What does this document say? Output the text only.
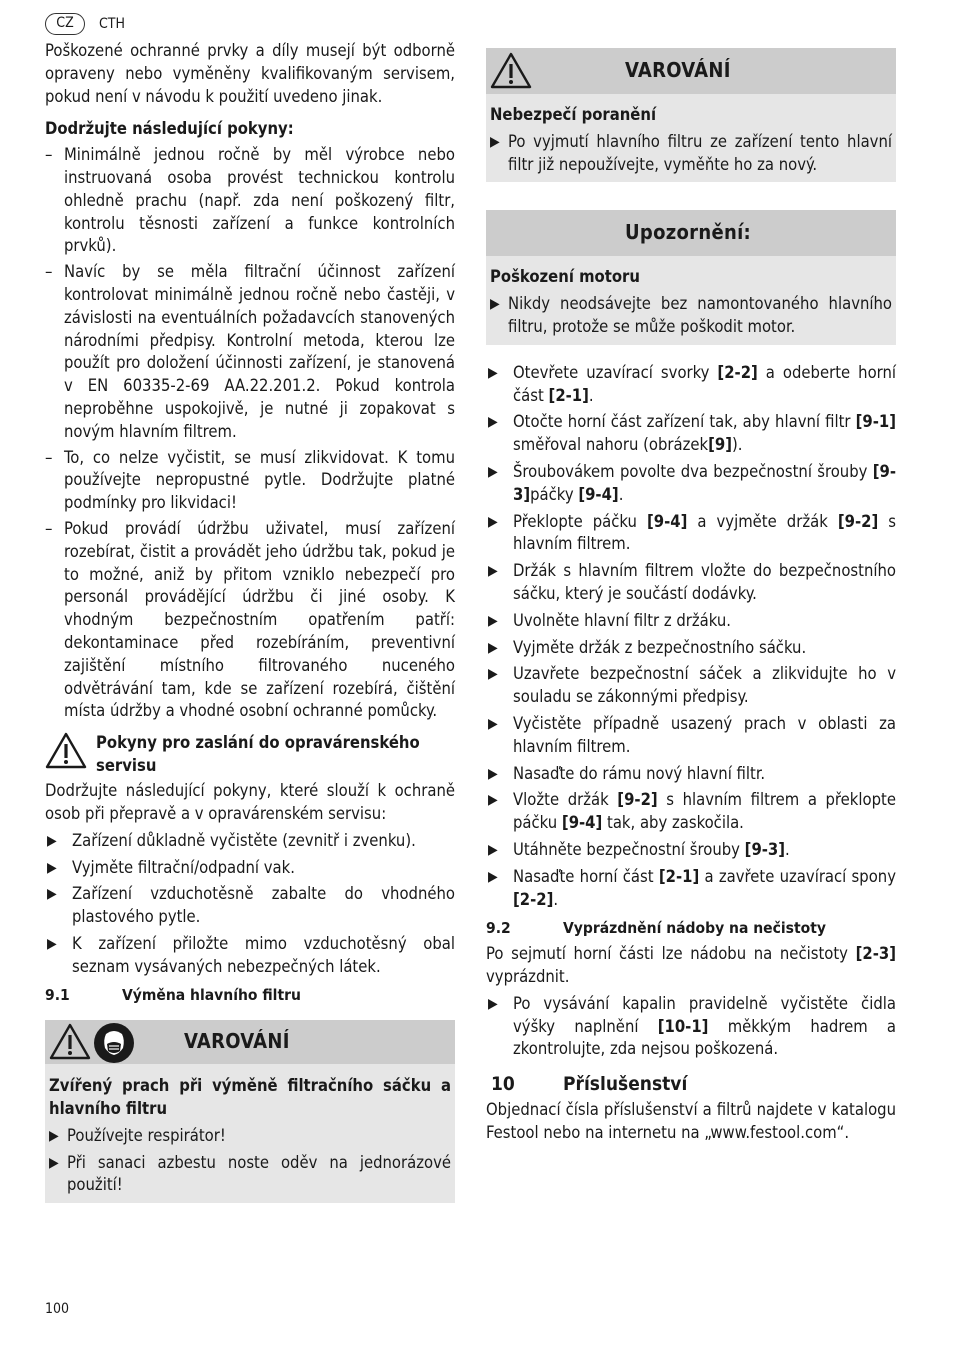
CZ	CTH

Poškozené ochranné prvky a díly musejí být odborně opraveny nebo vyměněny kvalifikovaným servisem, pokud není v návodu k použití uvedeno jinak.

Dodržujte následující pokyny:

– Minimálně jednou ročně by měl výrobce nebo instruovaná osoba provést technickou kontrolu ohledně prachu (např. zda není poškozený filtr, kontrolu těsnosti zařízení a funkce kontrolních prvků).
– Navíc by se měla filtrační účinnost zařízení kontrolovat minimálně jednou ročně nebo častěji, v závislosti na eventuálních požadavcích stanovených národními předpisy. Kontrolní metoda, kterou lze použít pro doložení účinnosti zařízení, je stanovená v EN 60335-2-69 AA.22.201.2. Pokud kontrola neproběhne uspokojivě, je nutné ji zopakovat s novým hlavním filtrem.
– To, co nelze vyčistit, se musí zlikvidovat. K tomu používejte nepropustné pytle. Dodržujte platné podmínky pro likvidaci!
– Pokud provádí údržbu uživatel, musí zařízení rozebírat, čistit a provádět jeho údržbu tak, pokud je to možné, aniž by přitom vzniklo nebezpečí pro personál provádějící údržbu či jiné osoby. K vhodným bezpečnostním opatřením patří: dekontaminace před rozebíráním, preventivní zajištění místního filtrovaného nuceného odvětrávání tam, kde se zařízení rozebírá, čištění místa údržby a vhodné osobní ochranné pomůcky.

Pokyny pro zaslání do opravárenského servisu

Dodržujte následující pokyny, které slouží k ochraně osob při přepravě a v opravárenském servisu:

▶ Zařízení důkladně vyčistěte (zevnitř i zvenku).
▶ Vyjměte filtrační/odpadní vak.
▶ Zařízení vzduchotěsně zabalte do vhodného plastového pytle.
▶ K zařízení přiložte mimo vzduchotěsný obal seznam vysávaných nebezpečných látek.
9.1	Výměna hlavního filtru
VAROVÁNÍ

Zvířený prach při výměně filtračního sáčku a hlavního filtru

▶ Používejte respirátor!
▶ Při sanaci azbestu noste oděv na jednorázové použití!
VAROVÁNÍ

Nebezpečí poranění

▶ Po vyjmutí hlavního filtru ze zařízení tento hlavní filtr již nepoužívejte, vyměňte ho za nový.
Upozornění:

Poškození motoru

▶ Nikdy neodsávejte bez namontovaného hlavního filtru, protože se může poškodit motor.
▶ Otevřete uzavírací svorky [2-2] a odeberte horní část [2-1].
▶ Otočte horní část zařízení tak, aby hlavní filtr [9-1] směřoval nahoru (obrázek[9]).
▶ Šroubovákem povolte dva bezpečnostní šrouby [9-3]páčky [9-4].
▶ Překlopte páčku [9-4] a vyjměte držák [9-2] s hlavním filtrem.
▶ Držák s hlavním filtrem vložte do bezpečnostního sáčku, který je součástí dodávky.
▶ Uvolněte hlavní filtr z držáku.
▶ Vyjměte držák z bezpečnostního sáčku.
▶ Uzavřete bezpečnostní sáček a zlikvidujte ho v souladu se zákonnými předpisy.
▶ Vyčistěte případně usazený prach v oblasti za hlavním filtrem.
▶ Nasaďte do rámu nový hlavní filtr.
▶ Vložte držák [9-2] s hlavním filtrem a překlopte páčku [9-4] tak, aby zaskočila.
▶ Utáhněte bezpečnostní šrouby [9-3].
▶ Nasaďte horní část [2-1] a zavřete uzavírací spony [2-2].
9.2	Vyprázdnění nádoby na nečistoty

Po sejmutí horní části lze nádobu na nečistoty [2-3] vyprázdnit.

▶ Po vysávání kapalin pravidelně vyčistěte čidla výšky naplnění [10-1] měkkým hadrem a zkontrolujte, zda nejsou poškozená.
10	Příslušenství

Objednací čísla příslušenství a filtrů najdete v katalogu Festool nebo na internetu na „www.festool.com“.

100
